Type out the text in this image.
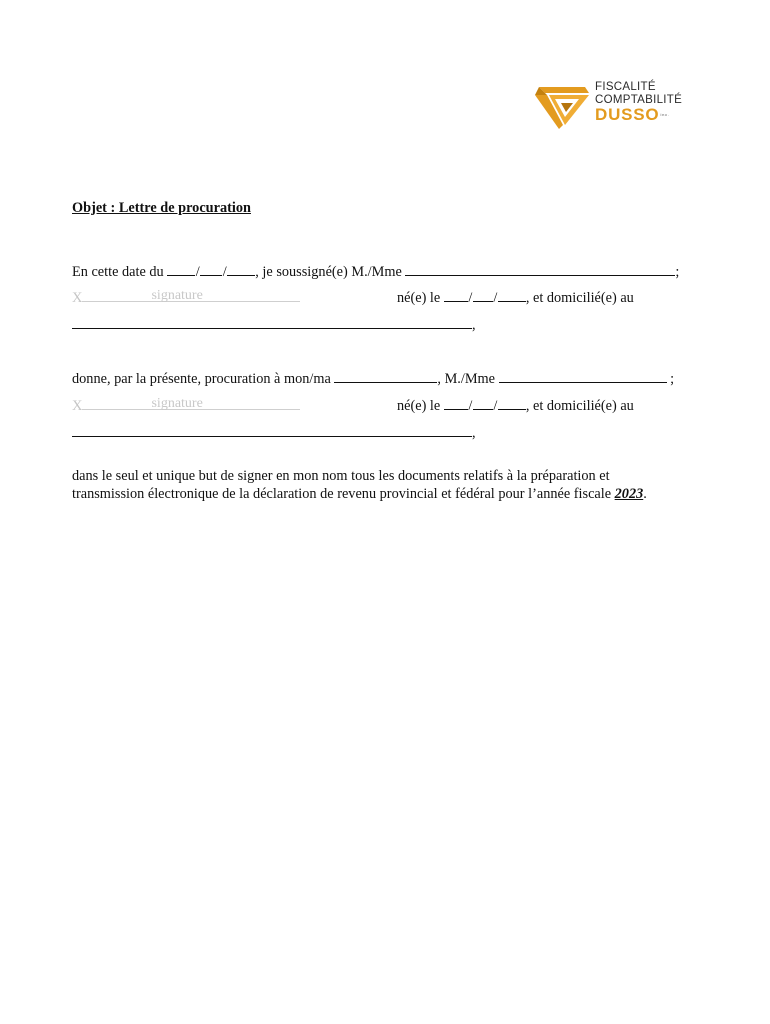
FISCALITÉ
COMPTABILITÉ
DUSSOinc.
Objet : Lettre de procuration
En cette date du / / , je soussigné(e) M./Mme	;
X	signature	né(e) le / / , et domicilié(e) au
,
donne, par la présente, procuration à mon/ma	, M./Mme	;
X	signature	né(e) le / / , et domicilié(e) au
,
dans le seul et unique but de signer en mon nom tous les documents relatifs à la préparation et
transmission électronique de la déclaration de revenu provincial et fédéral pour l’année fiscale 2023.
